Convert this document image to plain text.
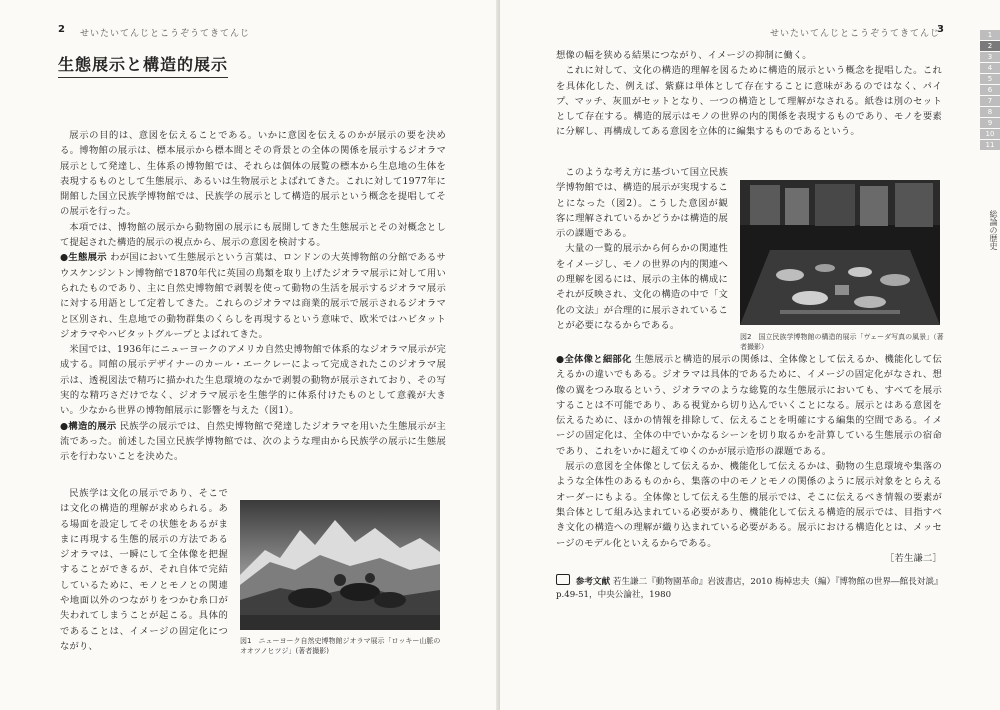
2 せいたいてんじとこうぞうてきてんじ
生態展示と構造的展示

展示の目的は、意図を伝えることである。いかに意図を伝えるのかが展示の要を決める。博物館の展示は、標本展示から標本間とその背景との全体の関係を展示するジオラマ展示として発達し、生体系の博物館では、それらは個体の展覧の標本から生息地の生体を表現するものとして生態展示、あるいは生物展示とよばれてきた。これに対して1977年に開館した国立民族学博物館では、民族学の展示として構造的展示という概念を提唱してその展示を行った。

本項では、博物館の展示から動物園の展示にも展開してきた生態展示とその対概念として提起された構造的展示の視点から、展示の意図を検討する。

●生態展示 わが国において生態展示という言葉は、ロンドンの大英博物館の分館であるサウスケンジントン博物館で1870年代に英国の鳥類を取り上げたジオラマ展示に対して用いられたものであり、主に自然史博物館で剥製を使って動物の生活を展示するジオラマ展示に対する用語として定着してきた。これらのジオラマは商業的展示で展示されるジオラマと区別され、生息地での動物群集のくらしを再現するという意味で、欧米ではハビタットジオラマやハビタットグループとよばれてきた。

米国では、1936年にニューヨークのアメリカ自然史博物館で体系的なジオラマ展示が完成する。同館の展示デザイナーのカール・エークレーによって完成されたこのジオラマ展示は、透視図法で精巧に描かれた生息環境のなかで剥製の動物が展示されており、その写実的な精巧さだけでなく、ジオラマ展示を生態学的に体系付けたものとして意義が大きい。少なから世界の博物館展示に影響を与えた（図1）。

●構造的展示 民族学の展示では、自然史博物館で発達したジオラマを用いた生態展示が主流であった。前述した国立民族学博物館では、次のような理由から民族学の展示に生態展示を行わないことを決めた。

民族学は文化の展示であり、そこでは文化の構造的理解が求められる。ある場面を設定してその状態をあるがままに再現する生態的展示の方法であるジオラマは、一瞬にして全体像を把握することができるが、それ自体で完結しているために、モノとモノとの関連や地面以外のつながりをつかむ糸口が失われてしまうことが起こる。具体的であることは、イメージの固定化につながり、	図1　ニューヨーク自然史博物館ジオラマ展示「ロッキー山脈のオオツノヒツジ」(著者撮影)
せいたいてんじとこうぞうてきてんじ
3

想像の幅を狭める結果につながり、イメージの抑制に働く。

これに対して、文化の構造的理解を図るために構造的展示という概念を提唱した。これを具体化した、例えば、紫蘇は単体として存在することに意味があるのではなく、パイプ、マッチ、灰皿がセットとなり、一つの構造として理解がなされる。紙巻は別のセットとして存在する。構造的展示はモノの世界の内的関係を表現するものであり、モノを要素に分解し、再構成してある意図を立体的に編集するものであるという。

このような考え方に基づいて国立民族学博物館では、構造的展示が実現することになった（図2）。こうした意図が観客に理解されているかどうかは構造的展示の課題である。

大量の一覧的展示から何らかの関連性をイメージし、モノの世界の内的関連への理解を図るには、展示の主体的構成にそれが反映され、文化の構造の中で「文化の文法」が合理的に展示されていることが必要になるからである。

図2　国立民族学博物館の構造的展示「ヴェーダ写真の風景」（著者撮影）

●全体像と細部化 生態展示と構造的展示の関係は、全体像として伝えるか、機能化して伝えるかの違いでもある。ジオラマは具体的であるために、イメージの固定化がなされ、想像の翼をつみ取るという、ジオラマのような総覧的な生態展示においても、すべてを展示することは不可能であり、ある視覚から切り込んでいくことになる。展示とはある意図を伝えるために、ほかの情報を排除して、伝えることを明確にする編集的空間である。イメージの固定化は、全体の中でいかなるシーンを切り取るかを計算している生態展示の宿命であり、これをいかに超えてゆくのかが展示造形の課題である。

展示の意図を全体像として伝えるか、機能化して伝えるかは、動物の生息環境や集落のような全体性のあるものから、集落の中のモノとモノの関係のように展示対象をとらえるオーダーにもよる。全体像として伝える生態的展示では、そこに伝えるべき情報の要素が集合体として組み込まれている必要があり、機能化して伝える構造的展示では、目指すべき文化の構造への理解が織り込まれている必要がある。展示における構造化とは、メッセージのモデル化といえるからである。

［若生謙二］

参考文献 若生謙二『動物園革命』岩波書店，2010 梅棹忠夫（編）『博物館の世界―館長対談』p.49-51，中央公論社，1980
1
2
3
4
5
6
7
8
9
10
11
総論の歴史
